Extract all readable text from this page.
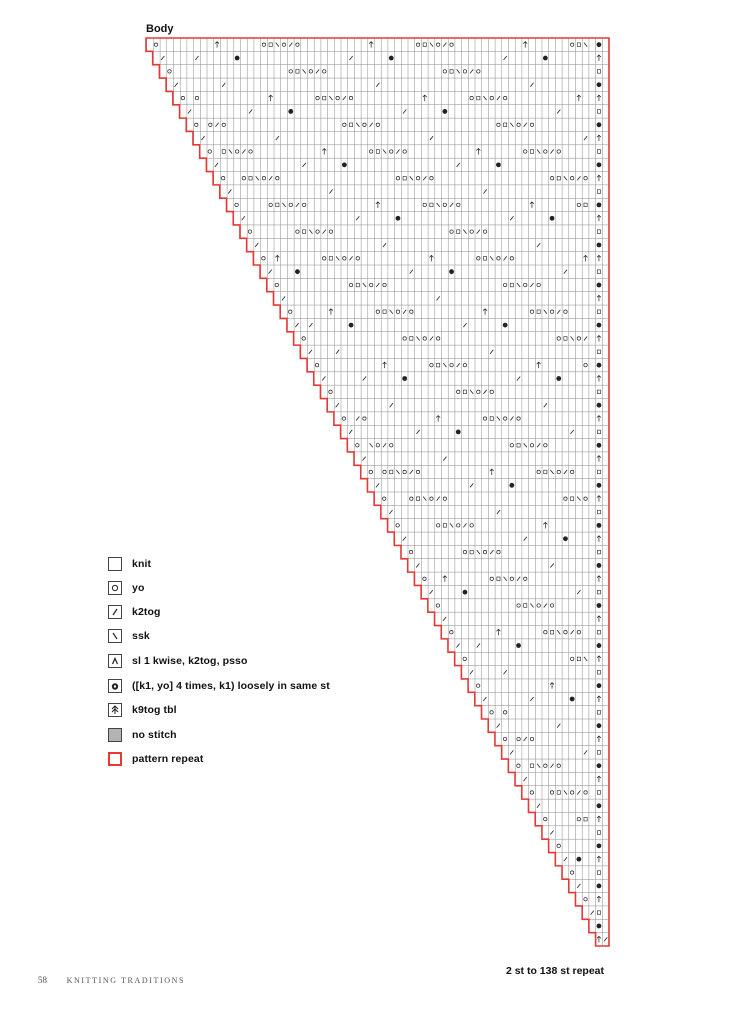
Body
knit
yo
k2tog
ssk
sl 1 kwise, k2tog, psso
([k1, yo] 4 times, k1) loosely in same st
k9tog tbl
no stitch
pattern repeat
2 st to 138 st repeat
58 KNITTING TRADITIONS
